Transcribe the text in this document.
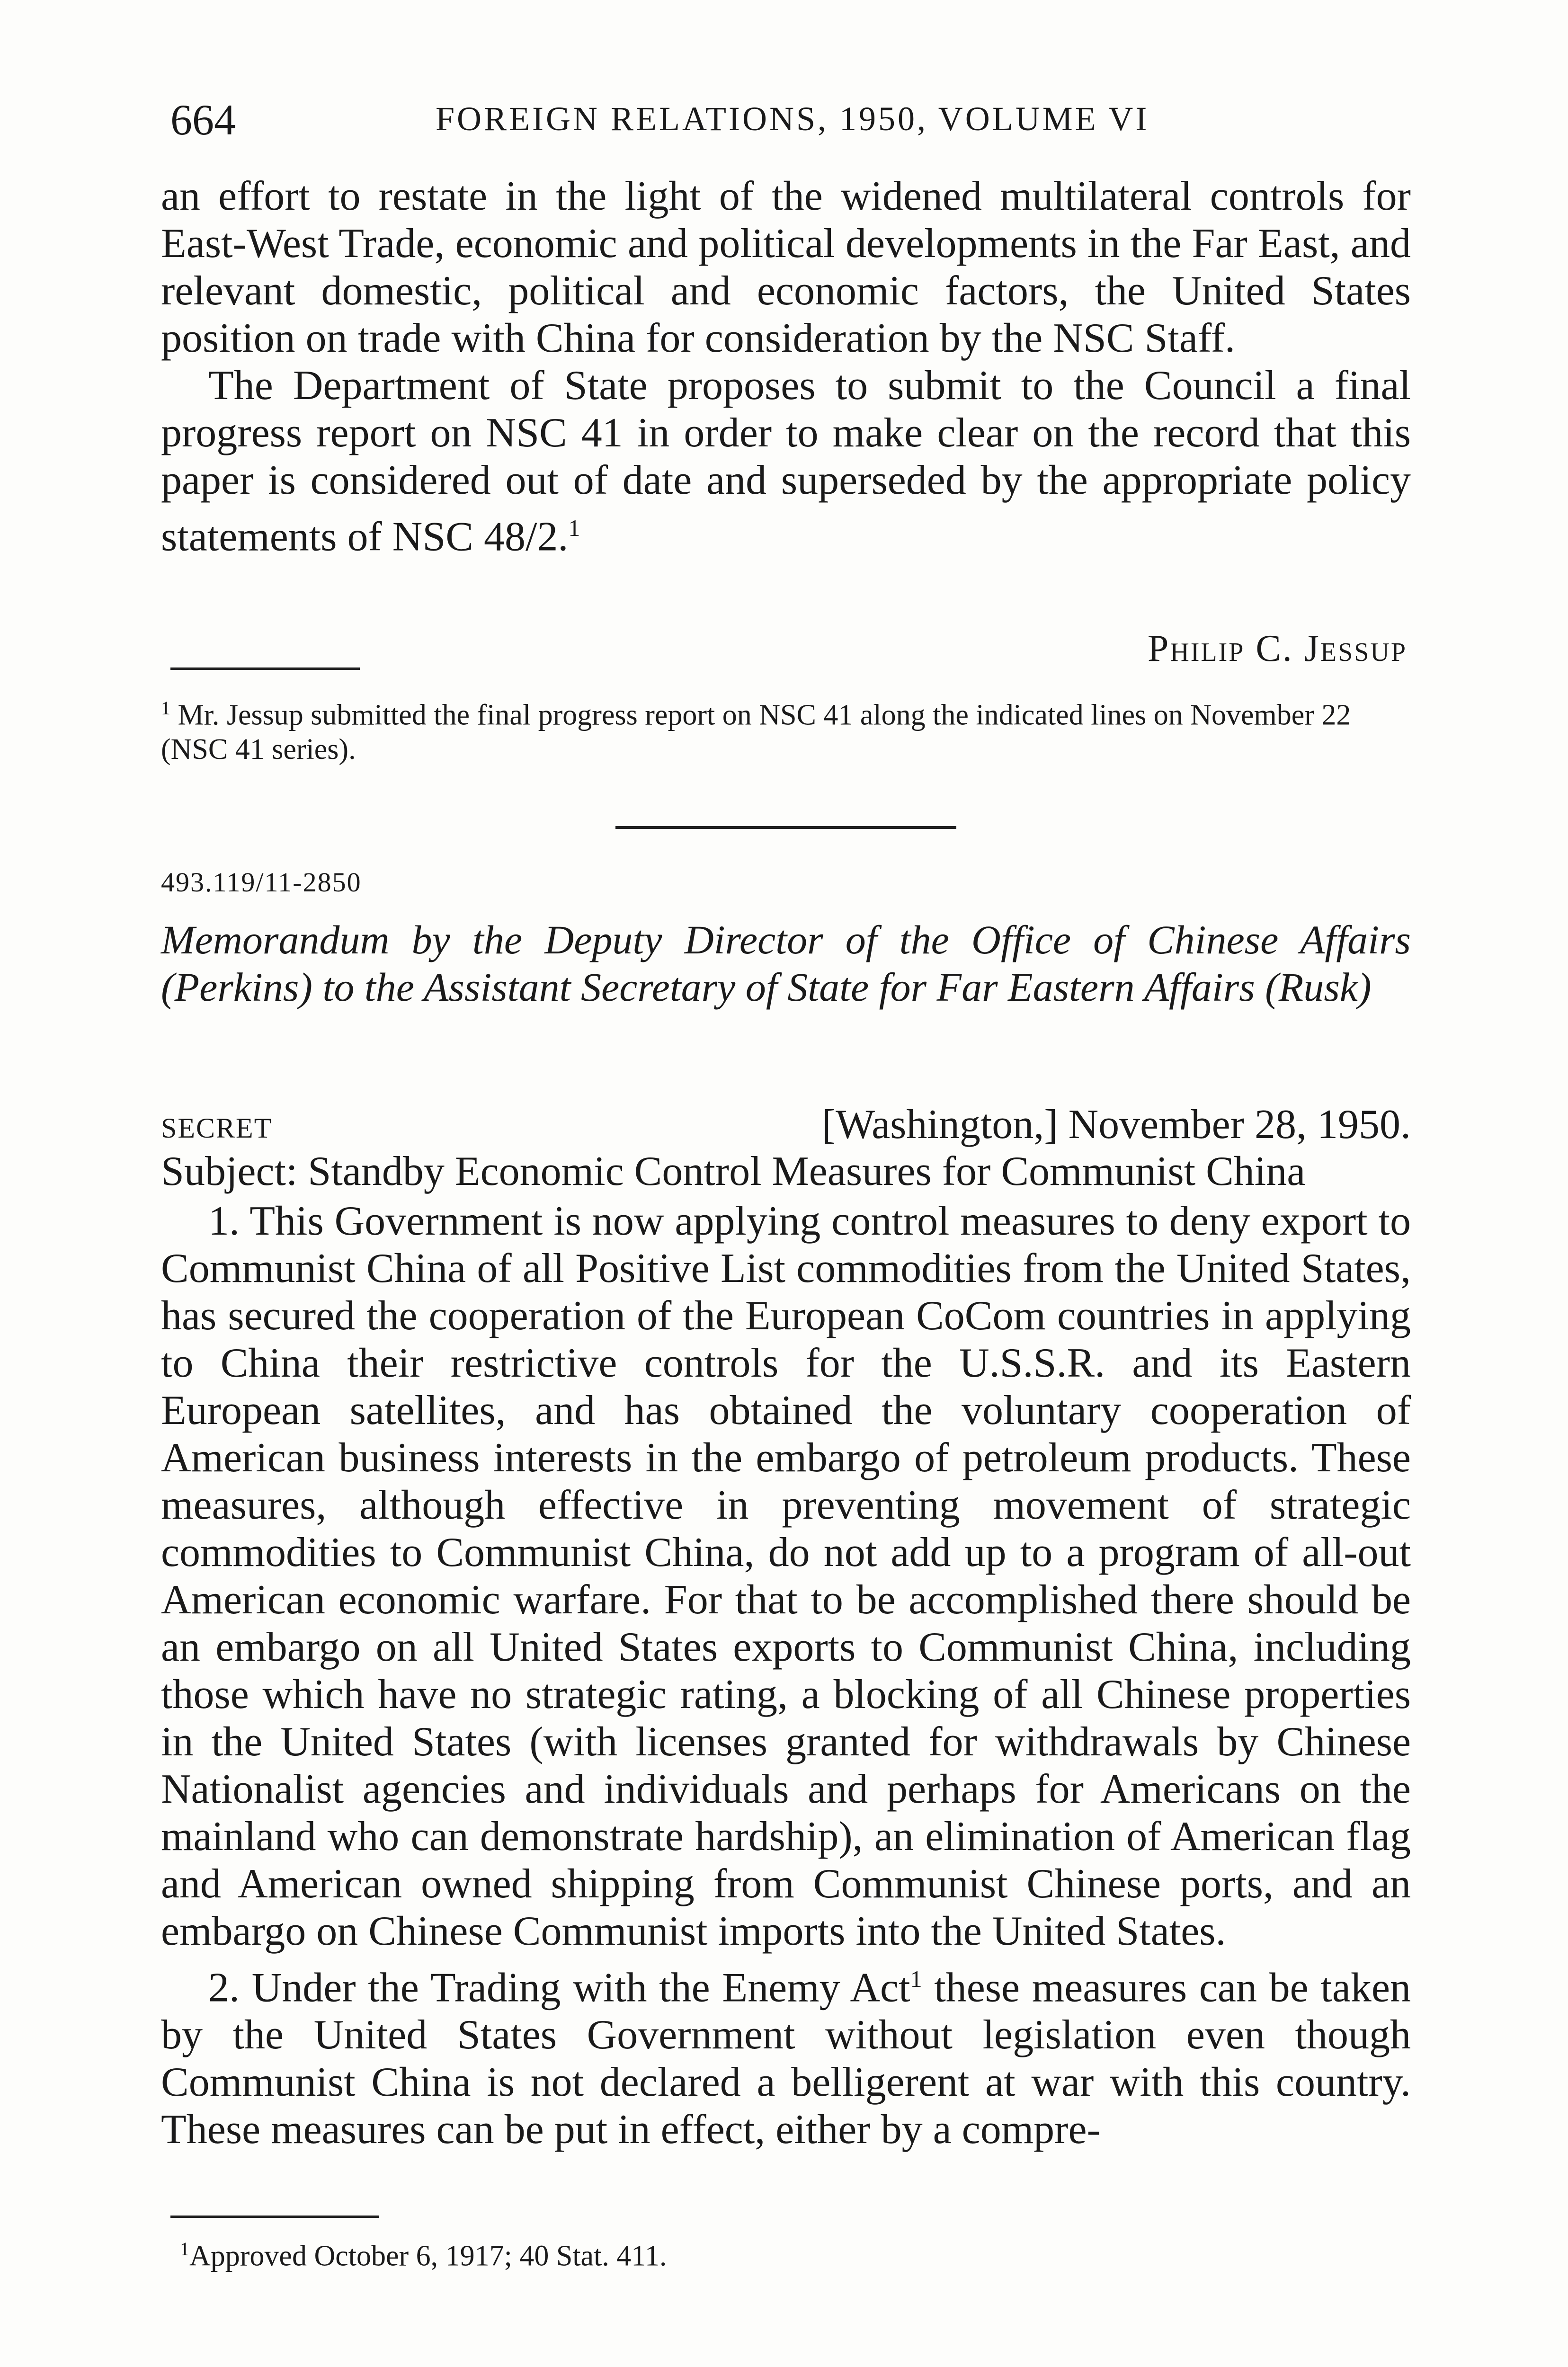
664	FOREIGN RELATIONS, 1950, VOLUME VI

an effort to restate in the light of the widened multilateral controls for East-West Trade, economic and political developments in the Far East, and relevant domestic, political and economic factors, the United States position on trade with China for consideration by the NSC Staff.

The Department of State proposes to submit to the Council a final progress report on NSC 41 in order to make clear on the record that this paper is considered out of date and superseded by the appropriate policy statements of NSC 48/2.$^1$

Philip C. Jessup

$^1$ Mr. Jessup submitted the final progress report on NSC 41 along the indicated lines on November 22 (NSC 41 series).

493.119/11-2850

Memorandum by the Deputy Director of the Office of Chinese Affairs (Perkins) to the Assistant Secretary of State for Far Eastern Affairs (Rusk)

SECRET	[Washington,] November 28, 1950.

Subject: Standby Economic Control Measures for Communist China

1. This Government is now applying control measures to deny export to Communist China of all Positive List commodities from the United States, has secured the cooperation of the European CoCom countries in applying to China their restrictive controls for the U.S.S.R. and its Eastern European satellites, and has obtained the voluntary cooperation of American business interests in the embargo of petroleum products. These measures, although effective in preventing movement of strategic commodities to Communist China, do not add up to a program of all-out American economic warfare. For that to be accomplished there should be an embargo on all United States exports to Communist China, including those which have no strategic rating, a blocking of all Chinese properties in the United States (with licenses granted for withdrawals by Chinese Nationalist agencies and individuals and perhaps for Americans on the mainland who can demonstrate hardship), an elimination of American flag and American owned shipping from Communist Chinese ports, and an embargo on Chinese Communist imports into the United States.

2. Under the Trading with the Enemy Act$^1$ these measures can be taken by the United States Government without legislation even though Communist China is not declared a belligerent at war with this country. These measures can be put in effect, either by a compre-

$^1$Approved October 6, 1917; 40 Stat. 411.
